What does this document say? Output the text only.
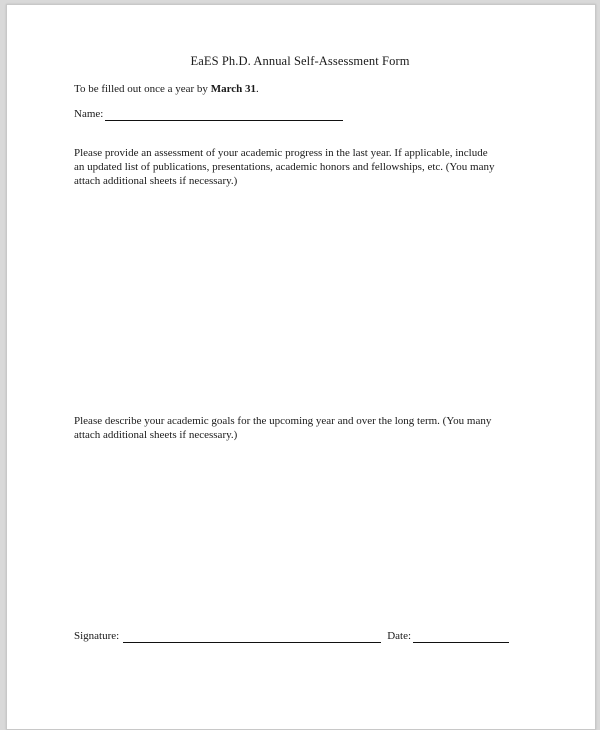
EaES Ph.D. Annual Self-Assessment Form
To be filled out once a year by March 31.
Name:
Please provide an assessment of your academic progress in the last year. If applicable, include
an updated list of publications, presentations, academic honors and fellowships, etc. (You many
attach additional sheets if necessary.)
Please describe your academic goals for the upcoming year and over the long term. (You many
attach additional sheets if necessary.)
Signature:	Date:
